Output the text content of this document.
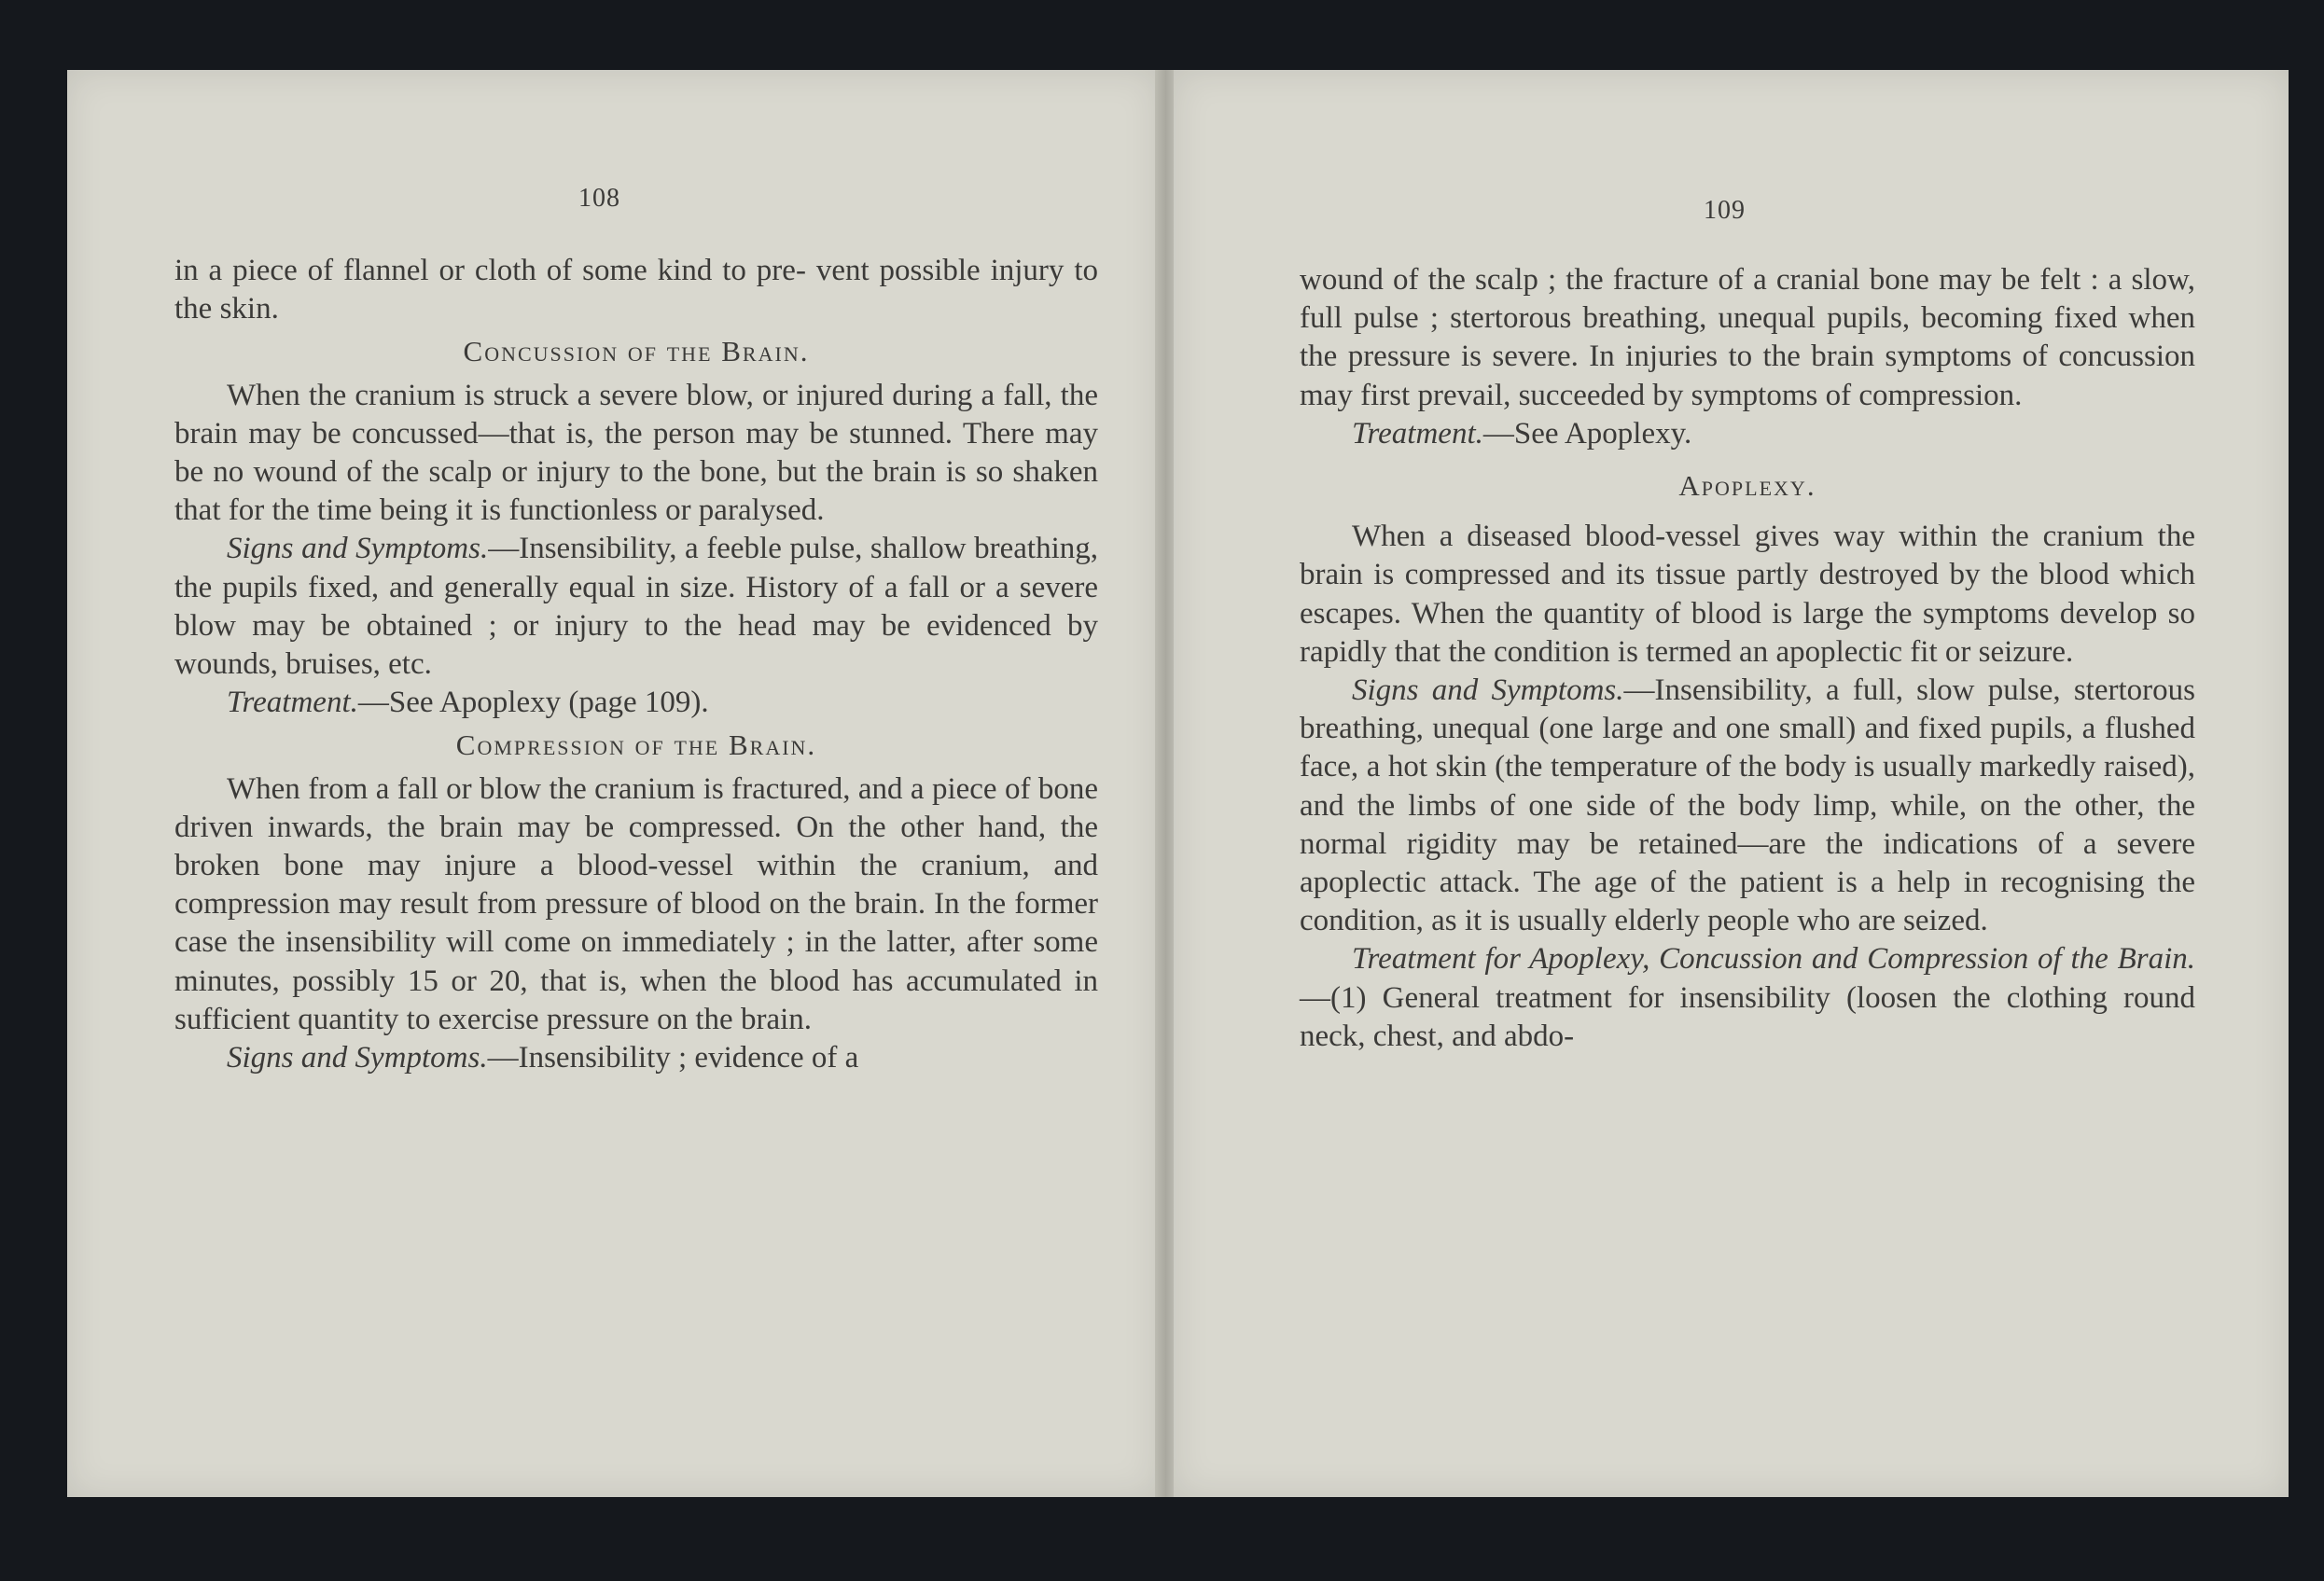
108

in a piece of flannel or cloth of some kind to pre- vent possible injury to the skin.

Concussion of the Brain.

When the cranium is struck a severe blow, or injured during a fall, the brain may be concussed—that is, the person may be stunned. There may be no wound of the scalp or injury to the bone, but the brain is so shaken that for the time being it is functionless or paralysed.

Signs and Symptoms.—Insensibility, a feeble pulse, shallow breathing, the pupils fixed, and generally equal in size. History of a fall or a severe blow may be obtained ; or injury to the head may be evidenced by wounds, bruises, etc.

Treatment.—See Apoplexy (page 109).

Compression of the Brain.

When from a fall or blow the cranium is fractured, and a piece of bone driven inwards, the brain may be compressed. On the other hand, the broken bone may injure a blood-vessel within the cranium, and compression may result from pressure of blood on the brain. In the former case the insensibility will come on immediately ; in the latter, after some minutes, possibly 15 or 20, that is, when the blood has accumulated in sufficient quantity to exercise pressure on the brain.

Signs and Symptoms.—Insensibility ; evidence of a

109

wound of the scalp ; the fracture of a cranial bone may be felt : a slow, full pulse ; stertorous breathing, unequal pupils, becoming fixed when the pressure is severe. In injuries to the brain symptoms of concussion may first prevail, succeeded by symptoms of compression.

Treatment.—See Apoplexy.

Apoplexy.

When a diseased blood-vessel gives way within the cranium the brain is compressed and its tissue partly destroyed by the blood which escapes. When the quantity of blood is large the symptoms develop so rapidly that the condition is termed an apoplectic fit or seizure.

Signs and Symptoms.—Insensibility, a full, slow pulse, stertorous breathing, unequal (one large and one small) and fixed pupils, a flushed face, a hot skin (the temperature of the body is usually markedly raised), and the limbs of one side of the body limp, while, on the other, the normal rigidity may be retained—are the indications of a severe apoplectic attack. The age of the patient is a help in recognising the condition, as it is usually elderly people who are seized.

Treatment for Apoplexy, Concussion and Compression of the Brain.—(1) General treatment for insensibility (loosen the clothing round neck, chest, and abdo-
